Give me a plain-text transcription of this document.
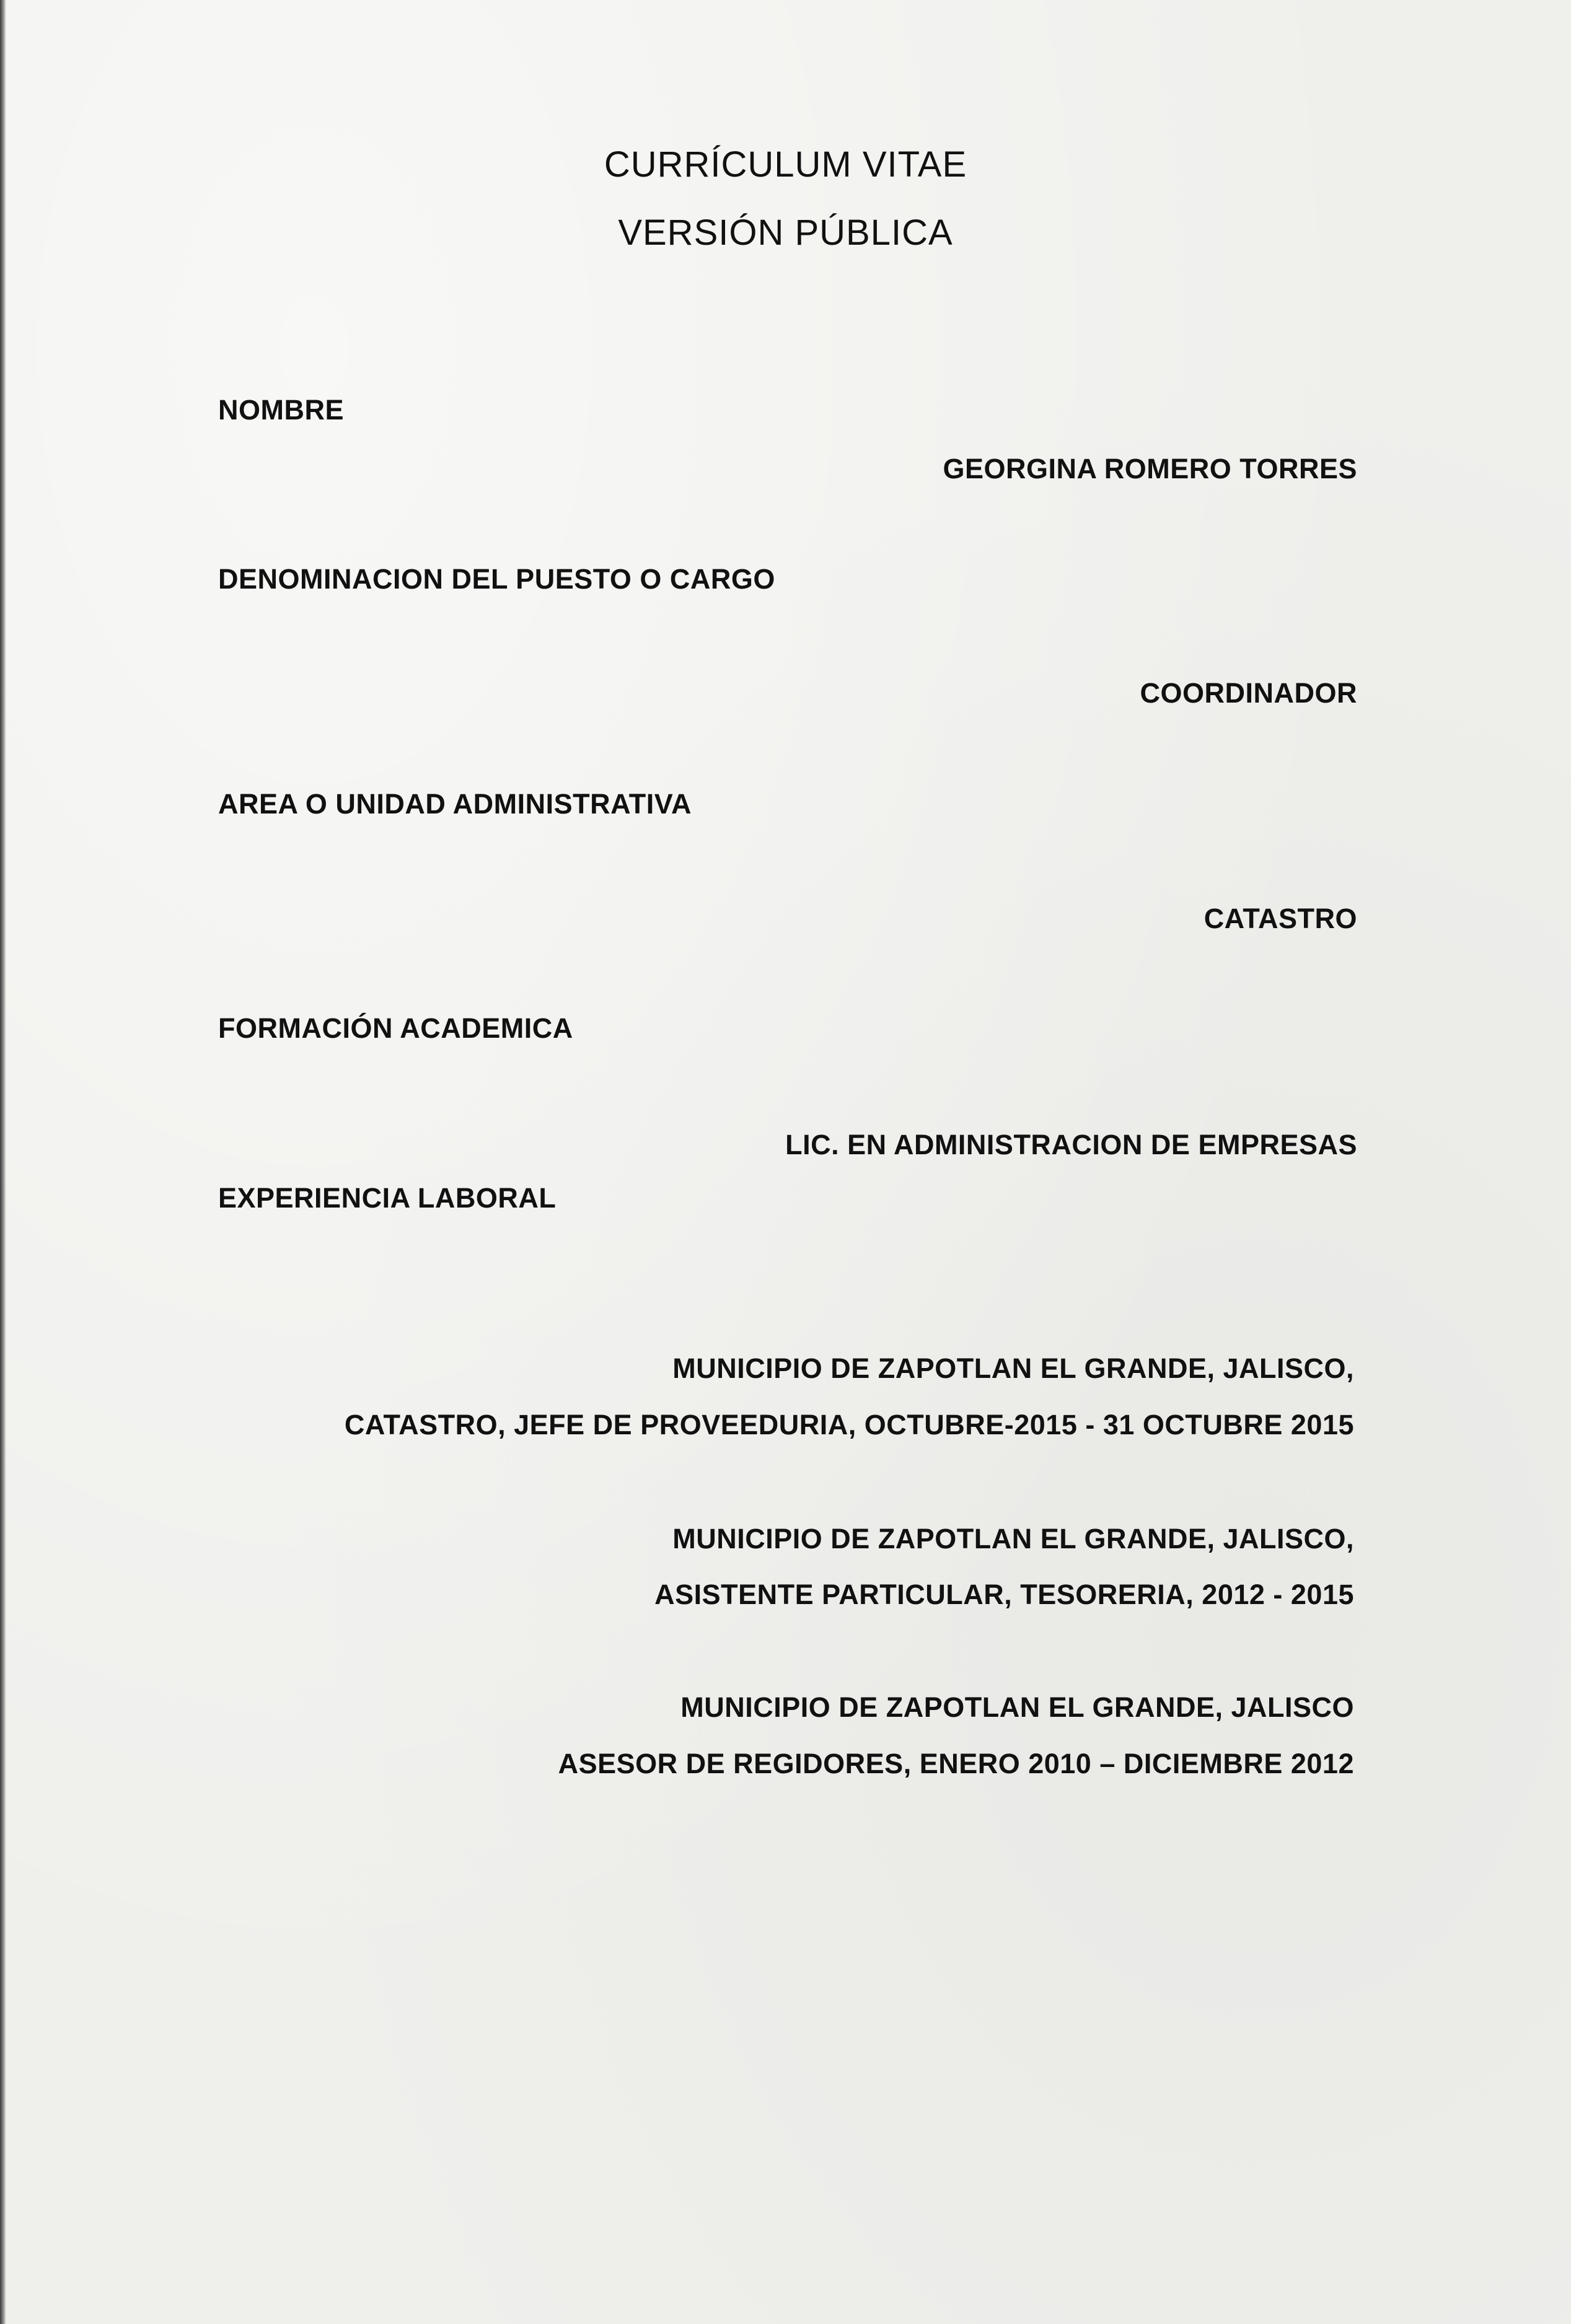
CURRÍCULUM VITAE
VERSIÓN PÚBLICA
NOMBRE
GEORGINA ROMERO TORRES
DENOMINACION DEL PUESTO O CARGO
COORDINADOR
AREA O UNIDAD ADMINISTRATIVA
CATASTRO
FORMACIÓN ACADEMICA
LIC. EN ADMINISTRACION DE EMPRESAS
EXPERIENCIA LABORAL
MUNICIPIO DE ZAPOTLAN EL GRANDE, JALISCO,
CATASTRO, JEFE DE PROVEEDURIA, OCTUBRE-2015 - 31 OCTUBRE 2015
MUNICIPIO DE ZAPOTLAN EL GRANDE, JALISCO,
ASISTENTE PARTICULAR, TESORERIA, 2012 - 2015
MUNICIPIO DE ZAPOTLAN EL GRANDE, JALISCO
ASESOR DE REGIDORES, ENERO 2010 – DICIEMBRE 2012
